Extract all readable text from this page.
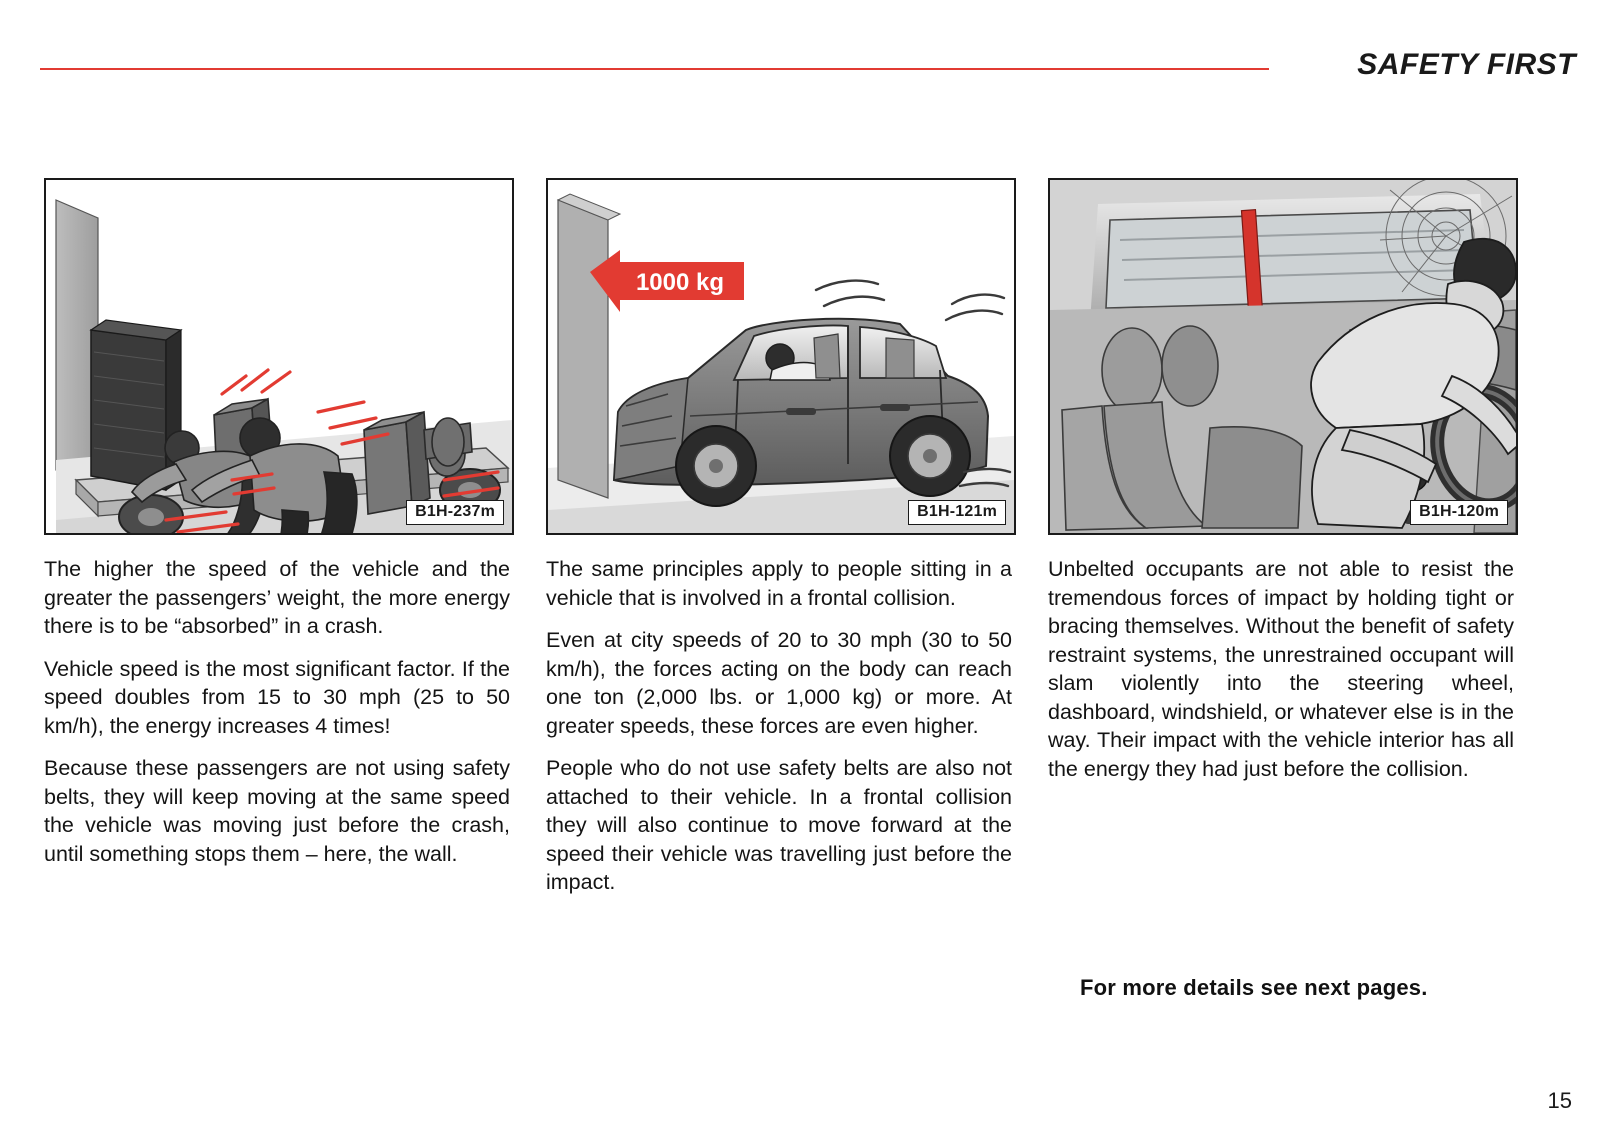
SAFETY FIRST
B1H-237m

The higher the speed of the vehicle and the greater the passengers’ weight, the more energy there is to be “absorbed” in a crash.

Vehicle speed is the most significant factor. If the speed doubles from 15 to 30 mph (25 to 50 km/h), the energy increases 4 times!

Because these passengers are not using safety belts, they will keep moving at the same speed the vehicle was moving just before the crash, until something stops them – here, the wall.

1000 kg
B1H-121m

The same principles apply to people sitting in a vehicle that is involved in a frontal collision.

Even at city speeds of 20 to 30 mph (30 to 50 km/h), the forces acting on the body can reach one ton (2,000 lbs. or 1,000 kg) or more. At greater speeds, these forces are even higher.

People who do not use safety belts are also not attached to their vehicle. In a frontal collision they will also continue to move forward at the speed their vehicle was travelling just before the impact.

B1H-120m

Unbelted occupants are not able to resist the tremendous forces of impact by holding tight or bracing themselves. Without the benefit of safety restraint systems, the unrestrained occupant will slam violently into the steering wheel, dashboard, windshield, or whatever else is in the way. Their impact with the vehicle interior has all the energy they had just before the collision.

For more details see next pages.
15
